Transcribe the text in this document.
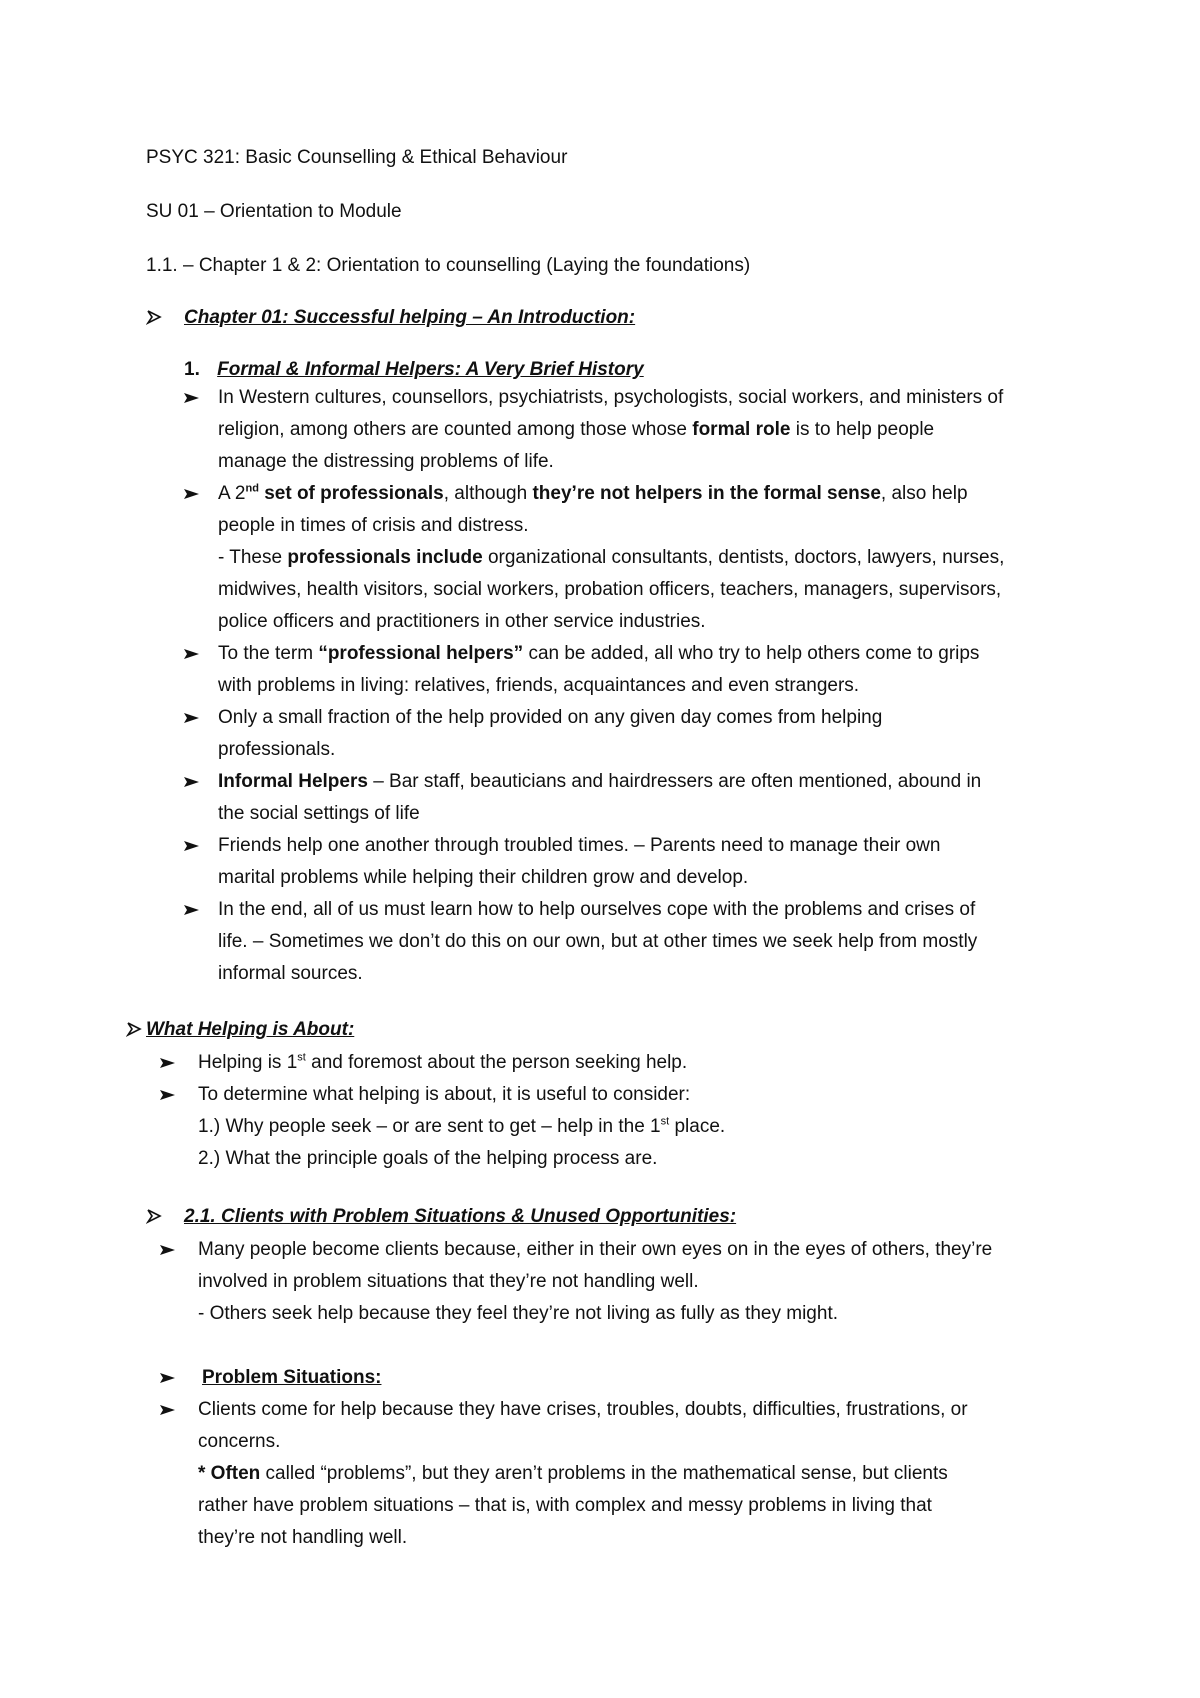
PSYC 321: Basic Counselling & Ethical Behaviour
SU 01 – Orientation to Module
1.1. – Chapter 1 & 2: Orientation to counselling (Laying the foundations)
Chapter 01: Successful helping – An Introduction:
1. Formal & Informal Helpers: A Very Brief History
In Western cultures, counsellors, psychiatrists, psychologists, social workers, and ministers of
religion, among others are counted among those whose formal role is to help people
manage the distressing problems of life.
A 2nd set of professionals, although they’re not helpers in the formal sense, also help
people in times of crisis and distress.
- These professionals include organizational consultants, dentists, doctors, lawyers, nurses,
midwives, health visitors, social workers, probation officers, teachers, managers, supervisors,
police officers and practitioners in other service industries.
To the term “professional helpers” can be added, all who try to help others come to grips
with problems in living: relatives, friends, acquaintances and even strangers.
Only a small fraction of the help provided on any given day comes from helping
professionals.
Informal Helpers – Bar staff, beauticians and hairdressers are often mentioned, abound in
the social settings of life
Friends help one another through troubled times. – Parents need to manage their own
marital problems while helping their children grow and develop.
In the end, all of us must learn how to help ourselves cope with the problems and crises of
life. – Sometimes we don’t do this on our own, but at other times we seek help from mostly
informal sources.
What Helping is About:
Helping is 1st and foremost about the person seeking help.
To determine what helping is about, it is useful to consider:
1.) Why people seek – or are sent to get – help in the 1st place.
2.) What the principle goals of the helping process are.
2.1. Clients with Problem Situations & Unused Opportunities:
Many people become clients because, either in their own eyes on in the eyes of others, they’re
involved in problem situations that they’re not handling well.
- Others seek help because they feel they’re not living as fully as they might.
Problem Situations:
Clients come for help because they have crises, troubles, doubts, difficulties, frustrations, or
concerns.
* Often called “problems”, but they aren’t problems in the mathematical sense, but clients
rather have problem situations – that is, with complex and messy problems in living that
they’re not handling well.
